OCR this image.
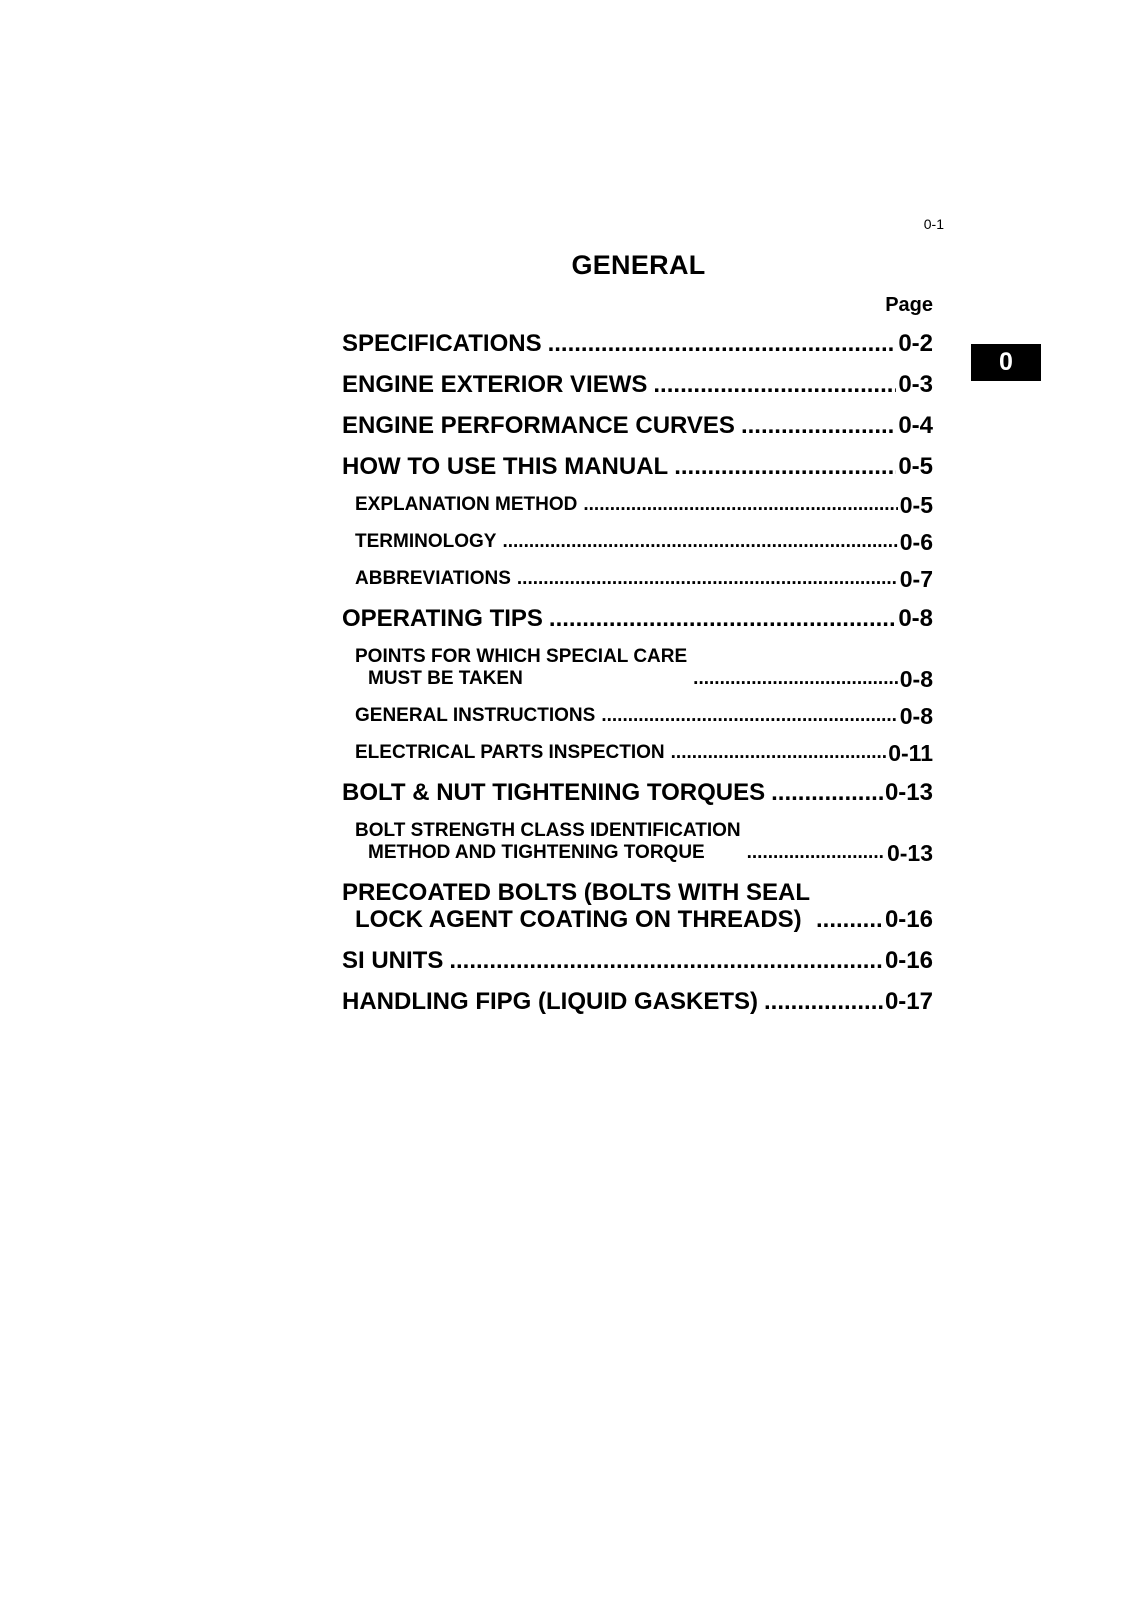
0-1
GENERAL
Page
0
SPECIFICATIONS .....	0-2
ENGINE EXTERIOR VIEWS .....	0-3
ENGINE PERFORMANCE CURVES .....	0-4
HOW TO USE THIS MANUAL .....	0-5
EXPLANATION METHOD .....	0-5
TERMINOLOGY .....	0-6
ABBREVIATIONS .....	0-7
OPERATING TIPS .....	0-8
POINTS FOR WHICH SPECIAL CARE
MUST BE TAKEN .....	0-8
GENERAL INSTRUCTIONS .....	0-8
ELECTRICAL PARTS INSPECTION .....	0-11
BOLT & NUT TIGHTENING TORQUES .....	0-13
BOLT STRENGTH CLASS IDENTIFICATION
METHOD AND TIGHTENING TORQUE .....	0-13
PRECOATED BOLTS (BOLTS WITH SEAL
LOCK AGENT COATING ON THREADS) .....	0-16
SI UNITS .....	0-16
HANDLING FIPG (LIQUID GASKETS) .....	0-17
